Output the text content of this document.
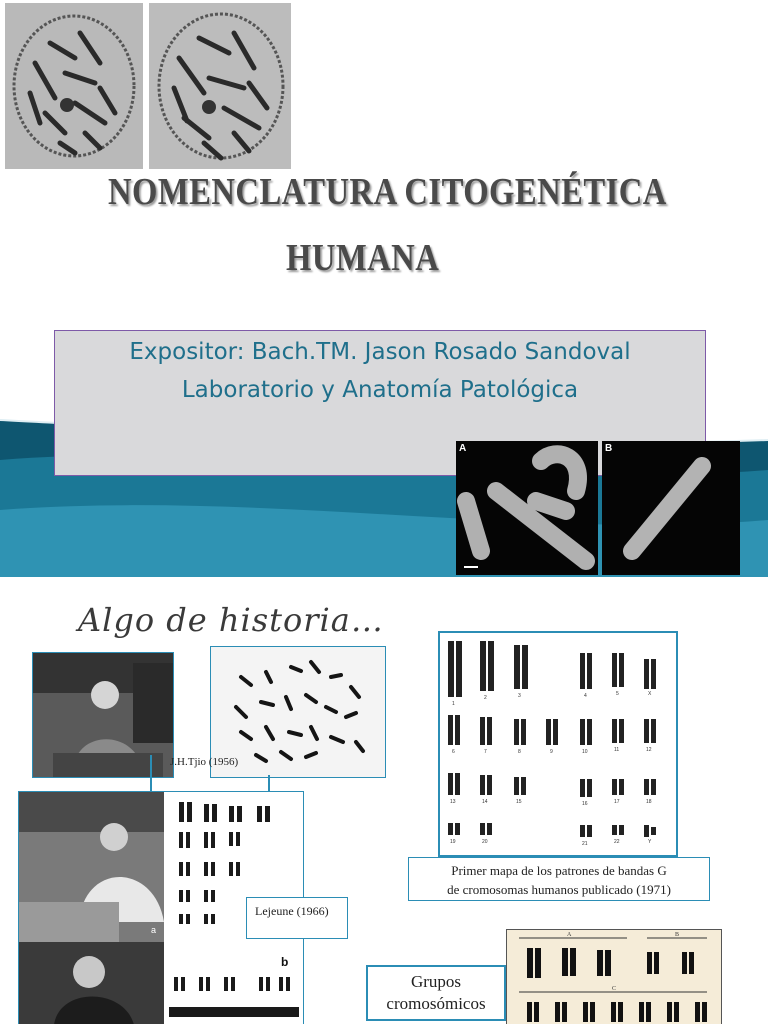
NOMENCLATURA CITOGENÉTICA
HUMANA
Expositor: Bach.TM. Jason Rosado Sandoval
Laboratorio y Anatomía Patológica
A	B
Algo de historia…
J.H.Tjio (1956)
a
b
Lejeune (1966)
1
2	3	4	5	X
6	7	8	9	10	11	12
13	14	15	16	17	18
19	20	21	22	Y
Primer mapa de los patrones de bandas G
de cromosomas humanos publicado (1971)
Grupos
cromosómicos
A	B
C
